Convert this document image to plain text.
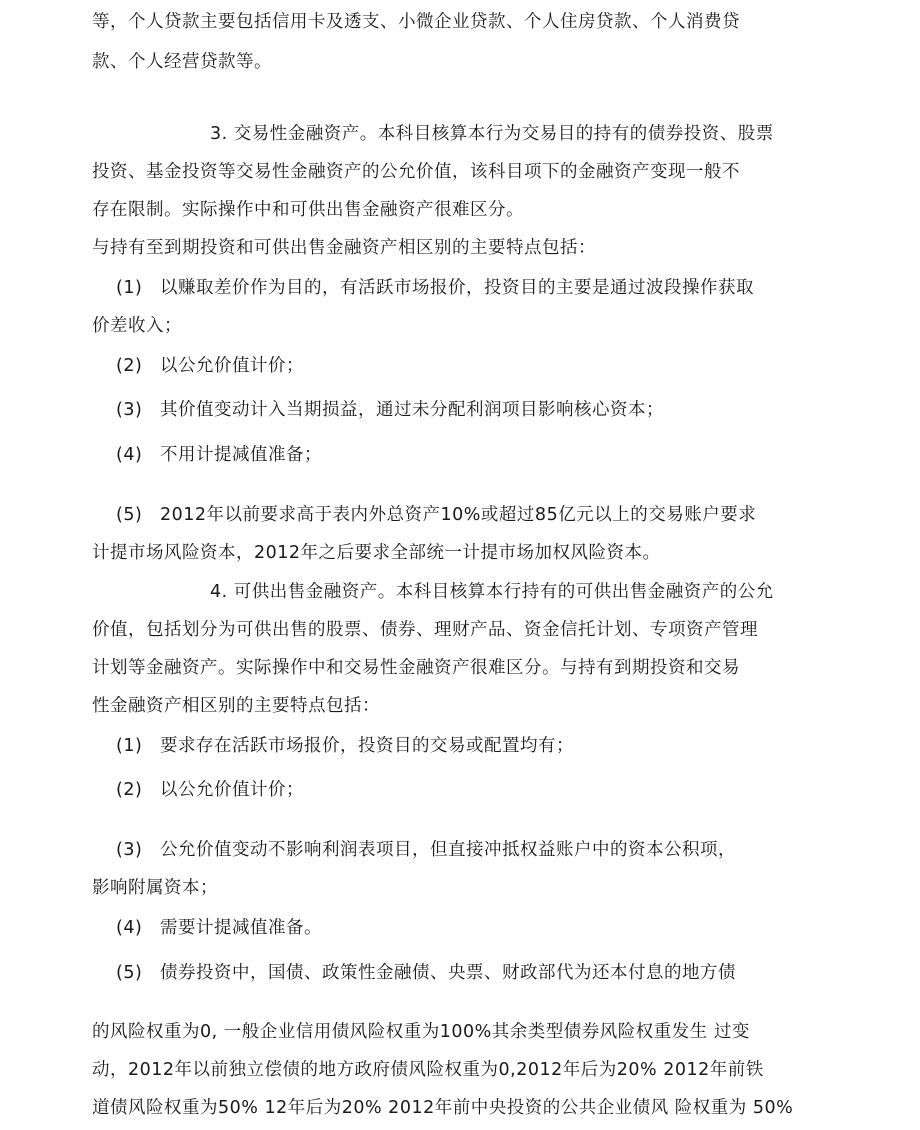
等，个人贷款主要包括信用卡及透支、小微企业贷款、个人住房贷款、个人消费贷
款、个人经营贷款等。
3. 交易性金融资产。本科目核算本行为交易目的持有的债券投资、股票
投资、基金投资等交易性金融资产的公允价值，该科目项下的金融资产变现一般不
存在限制。实际操作中和可供出售金融资产很难区分。
与持有至到期投资和可供出售金融资产相区别的主要特点包括：
(1) 以赚取差价作为目的，有活跃市场报价，投资目的主要是通过波段操作获取
价差收入；
(2) 以公允价值计价；
(3) 其价值变动计入当期损益，通过未分配利润项目影响核心资本；
(4) 不用计提减值准备；
(5) 2012年以前要求高于表内外总资产10%或超过85亿元以上的交易账户要求
计提市场风险资本，2012年之后要求全部统一计提市场加权风险资本。
4. 可供出售金融资产。本科目核算本行持有的可供出售金融资产的公允
价值，包括划分为可供出售的股票、债券、理财产品、资金信托计划、专项资产管理
计划等金融资产。实际操作中和交易性金融资产很难区分。与持有到期投资和交易
性金融资产相区别的主要特点包括：
(1) 要求存在活跃市场报价，投资目的交易或配置均有；
(2) 以公允价值计价；
(3) 公允价值变动不影响利润表项目，但直接冲抵权益账户中的资本公积项，
影响附属资本；
(4) 需要计提减值准备。
(5) 债券投资中，国债、政策性金融债、央票、财政部代为还本付息的地方债
的风险权重为0, 一般企业信用债风险权重为100%其余类型债券风险权重发生 过变
动，2012年以前独立偿债的地方政府债风险权重为0,2012年后为20% 2012年前铁
道债风险权重为50% 12年后为20% 2012年前中央投资的公共企业债风 险权重为 50%
